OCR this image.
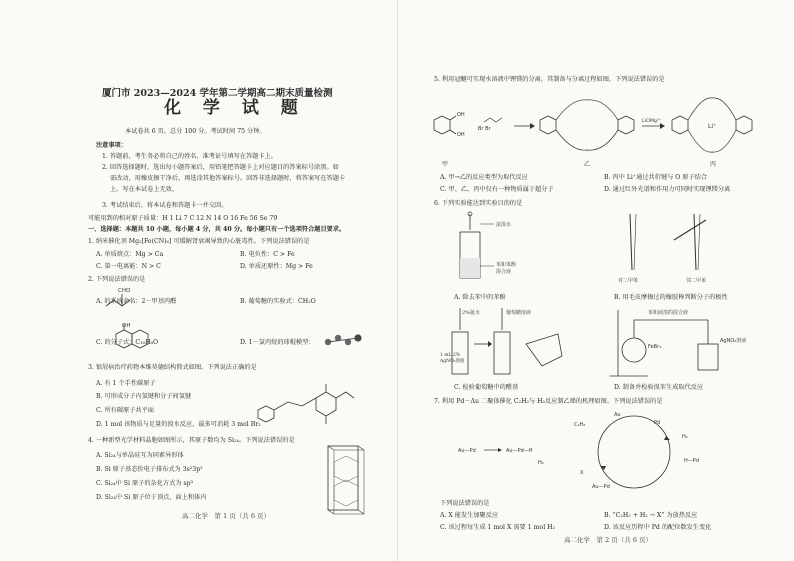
厦门市 2023—2024 学年第二学期高二期末质量检测
化 学 试 题
本试卷共 6 页。总分 100 分。考试时间 75 分钟。
注意事项：
1. 答题前，考生务必将自己的姓名、准考证号填写在答题卡上。
2. 回答选择题时，选出每小题答案后，用铅笔把答题卡上对应题目的答案标号涂黑。如
需改动，用橡皮擦干净后，再选涂其他答案标号。回答非选择题时，将答案写在答题卡
上。写在本试卷上无效。
3. 考试结束后，将本试卷和答题卡一并交回。
可能用到的相对原子质量：H 1 Li 7 C 12 N 14 O 16 Fe 56 Se 79
一、选择题：本题共 10 小题，每小题 4 分，共 40 分。每小题只有一个选项符合题目要求。
1. 纳米催化剂 Mg₂[Fe(CN)₆] 可缓解肾衰竭导致的心脏毒性。下列说法错误的是
A. 单质熔点：Mg > Ca	B. 电负性：C > Fe
C. 第一电离能：N > C	D. 单质还原性：Mg > Fe
2. 下列说法错误的是
CHO
A. 的系统命名：2－甲基丙醛	B. 葡萄糖的实验式：CH₂O
OH
C. 的分子式：C₁₀H₈O	D. 1－氯丙烷的球棍模型：
3. 银屑病治疗药物本维莫德结构简式如图。下列说法正确的是
A. 有 1 个手性碳原子
B. 可形成分子内氢键和分子间氢键
C. 所有碳原子共平面
D. 1 mol 该物质与足量的溴水反应，最多可消耗 3 mol Br₂
4. 一种新型光学材料晶胞如图所示，其原子数均为 Si₂₄。下列说法错误的是
A. Si₂₄与单晶硅互为同素异形体
B. Si 原子基态价电子排布式为 3s²3p²
C. Si₂₄中 Si 原子的杂化方式为 sp³
D. Si₂₄中 Si 原子位于顶点，面上和体内
高二化学　第 1 页（共 6 页）
5. 利用冠醚可实现水溶液中锂镁的分离，其制备与分离过程如图。下列说法错误的是
OH
OH
Br Br
LiClMg²⁺
Li⁺
甲	乙	丙
A. 甲→乙的反应类型为取代反应	B. 丙中 Li⁺通过共价键与 O 原子结合
C. 甲、乙、丙中仅有一种物质属于超分子	D. 通过红外光谱和作用力可同时实现锂镁分离
6. 下列实验能达到实验目的的是
浓溴水
苯和苯酚
混合液
A. 除去苯中的苯酚
对二甲苯	邻二甲苯
B. 用毛皮摩擦过的橡胶棒判断分子的极性
2%氨水	葡萄糖溶液
1 mL 2%
AgNO₃溶液
C. 检验葡萄糖中的醛基
苯和液溴的混合液
FeBr₃
AgNO₃溶液
D. 制备并检验溴苯生成取代反应
7. 利用 Pd－Au 二聚体催化 C₂H₂与 H₂反应制乙烯的机理如图。下列说法错误的是
Au—Pd	Au—Pd—H
H₂
C₂H₂
Au
Pd
X
H—Pd
Au—Pd
H₂
下列说法错误的是
A. X 能发生加聚反应	B. “C₂H₂ + H₂ → X” 为放热反应
C. 该过程每生成 1 mol X 需要 1 mol H₂	D. 该反应历程中 Pd 的配位数发生变化
高二化学　第 2 页（共 6 页）
